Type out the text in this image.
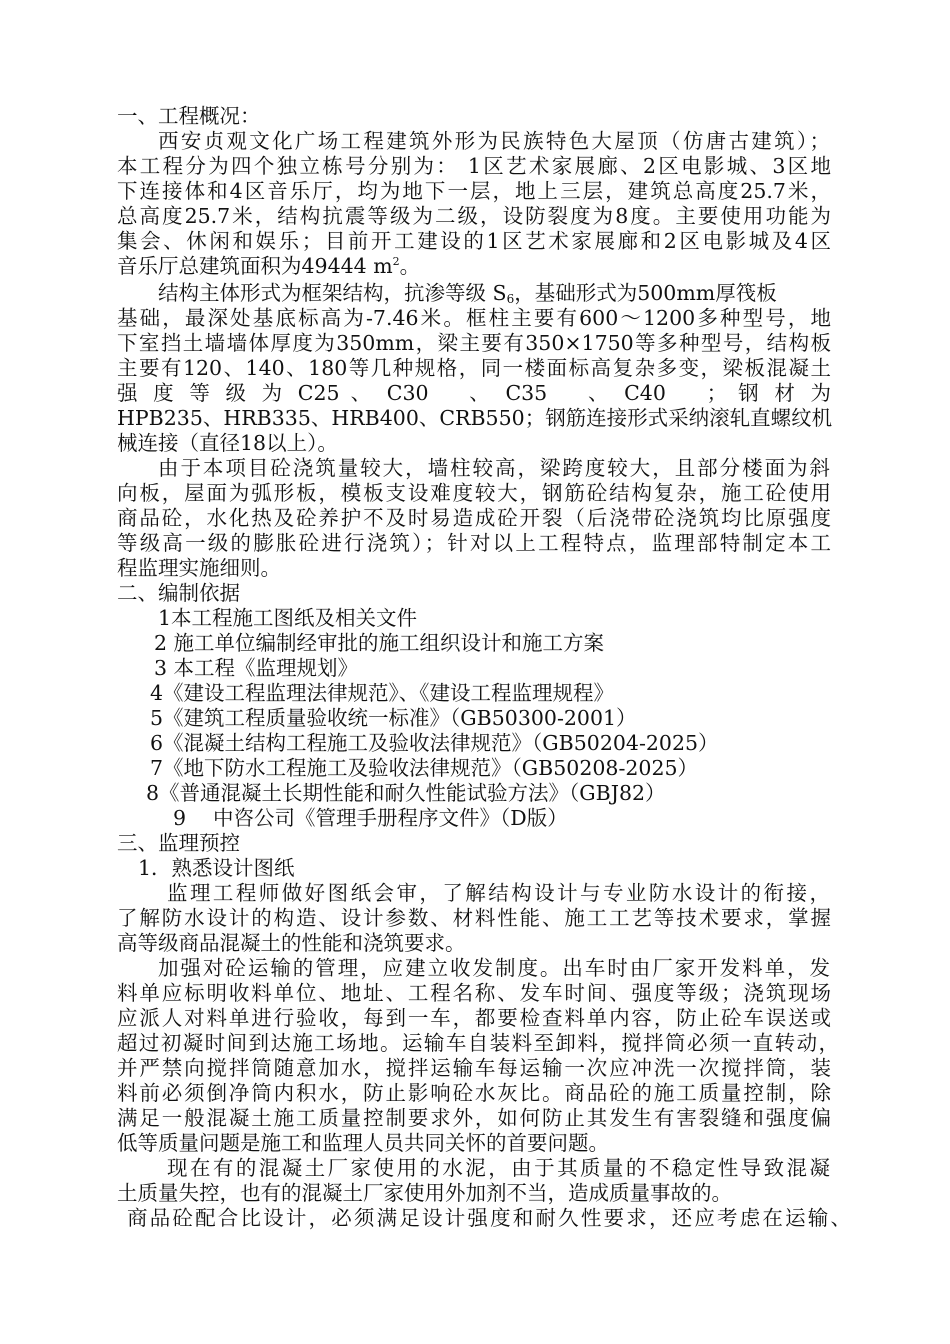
一、工程概况：
西安贞观文化广场工程建筑外形为民族特色大屋顶（仿唐古建筑）；
本工程分为四个独立栋号分别为： 1区艺术家展廊、2区电影城、3区地
下连接体和4区音乐厅，均为地下一层，地上三层，建筑总高度25.7米，
总高度25.7米，结构抗震等级为二级，设防裂度为8度。主要使用功能为
集会、休闲和娱乐；目前开工建设的1区艺术家展廊和2区电影城及4区
音乐厅总建筑面积为49444 $m^2$。
结构主体形式为框架结构，抗渗等级 $S_6$，基础形式为500mm厚筏板
基础，最深处基底标高为-7.46米。框柱主要有600～1200多种型号，地
下室挡土墙墙体厚度为350mm，梁主要有350×1750等多种型号，结构板
主要有120、140、180等几种规格，同一楼面标高复杂多变，梁板混凝土
强 度 等 级 为 C25 、 C30　 、 C35　 、 C40　 ； 钢 材 为
HPB235、HRB335、HRB400、CRB550；钢筋连接形式采纳滚轧直螺纹机
械连接（直径18以上）。
由于本项目砼浇筑量较大，墙柱较高，梁跨度较大，且部分楼面为斜
向板，屋面为弧形板，模板支设难度较大，钢筋砼结构复杂，施工砼使用
商品砼，水化热及砼养护不及时易造成砼开裂（后浇带砼浇筑均比原强度
等级高一级的膨胀砼进行浇筑）；针对以上工程特点，监理部特制定本工
程监理实施细则。
二、编制依据
1本工程施工图纸及相关文件
2 施工单位编制经审批的施工组织设计和施工方案
3 本工程《监理规划》
4《建设工程监理法律规范》、《建设工程监理规程》
5《建筑工程质量验收统一标准》（GB50300-2001）
6《混凝土结构工程施工及验收法律规范》（GB50204-2025）
7《地下防水工程施工及验收法律规范》（GB50208-2025）
8《普通混凝土长期性能和耐久性能试验方法》（GBJ82）
9　 中咨公司《管理手册程序文件》（D版）
三、监理预控
1．熟悉设计图纸
监理工程师做好图纸会审，了解结构设计与专业防水设计的衔接，
了解防水设计的构造、设计参数、材料性能、施工工艺等技术要求，掌握
高等级商品混凝土的性能和浇筑要求。
加强对砼运输的管理，应建立收发制度。出车时由厂家开发料单，发
料单应标明收料单位、地址、工程名称、发车时间、强度等级；浇筑现场
应派人对料单进行验收，每到一车，都要检查料单内容，防止砼车误送或
超过初凝时间到达施工场地。运输车自装料至卸料，搅拌筒必须一直转动，
并严禁向搅拌筒随意加水，搅拌运输车每运输一次应冲洗一次搅拌筒，装
料前必须倒净筒内积水，防止影响砼水灰比。商品砼的施工质量控制，除
满足一般混凝土施工质量控制要求外，如何防止其发生有害裂缝和强度偏
低等质量问题是施工和监理人员共同关怀的首要问题。
现在有的混凝土厂家使用的水泥，由于其质量的不稳定性导致混凝
土质量失控，也有的混凝土厂家使用外加剂不当，造成质量事故的。
商品砼配合比设计，必须满足设计强度和耐久性要求，还应考虑在运输、
